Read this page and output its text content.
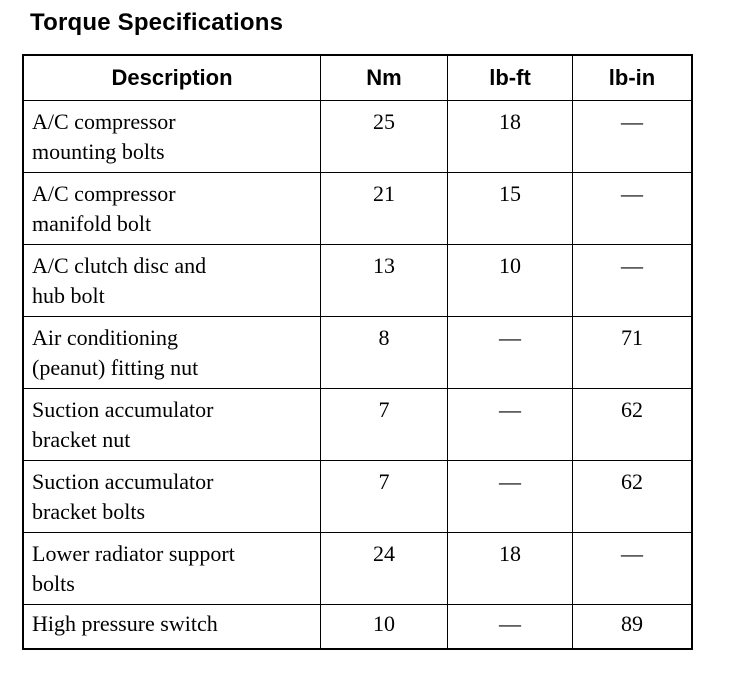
Torque Specifications
Description	Nm	lb-ft	lb-in
A/C compressor
mounting bolts	25	18	—
A/C compressor
manifold bolt	21	15	—
A/C clutch disc and
hub bolt	13	10	—
Air conditioning
(peanut) fitting nut	8	—	71
Suction accumulator
bracket nut	7	—	62
Suction accumulator
bracket bolts	7	—	62
Lower radiator support
bolts	24	18	—
High pressure switch	10	—	89
